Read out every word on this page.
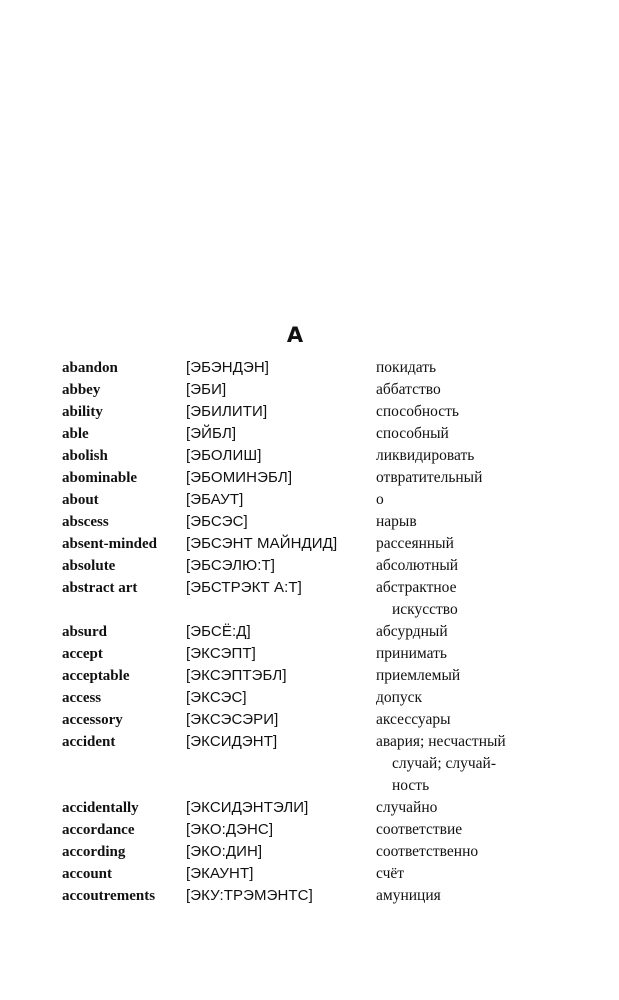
A
abandon	[ЭБЭНДЭН]	покидать
abbey	[ЭБИ]	аббатство
ability	[ЭБИЛИТИ]	способность
able	[ЭЙБЛ]	способный
abolish	[ЭБОЛИШ]	ликвидировать
abominable	[ЭБОМИНЭБЛ]	отвратительный
about	[ЭБАУТ]	о
abscess	[ЭБСЭС]	нарыв
absent-minded [ЭБСЭНТ МАЙНДИД]	рассеянный
absolute	[ЭБСЭЛЮ:Т]	абсолютный
abstract art	[ЭБСТРЭКТ А:Т]	абстрактное
искусство
absurd	[ЭБСЁ:Д]	абсурдный
accept	[ЭКСЭПТ]	принимать
acceptable	[ЭКСЭПТЭБЛ]	приемлемый
access	[ЭКСЭС]	допуск
accessory	[ЭКСЭСЭРИ]	аксессуары
accident	[ЭКСИДЭНТ]	авария; несчастный
случай; случай-
ность
accidentally	[ЭКСИДЭНТЭЛИ]	случайно
accordance	[ЭКО:ДЭНС]	соответствие
according	[ЭКО:ДИН]	соответственно
account	[ЭКАУНТ]	счёт
accoutrements [ЭКУ:ТРЭМЭНТС]	амуниция
